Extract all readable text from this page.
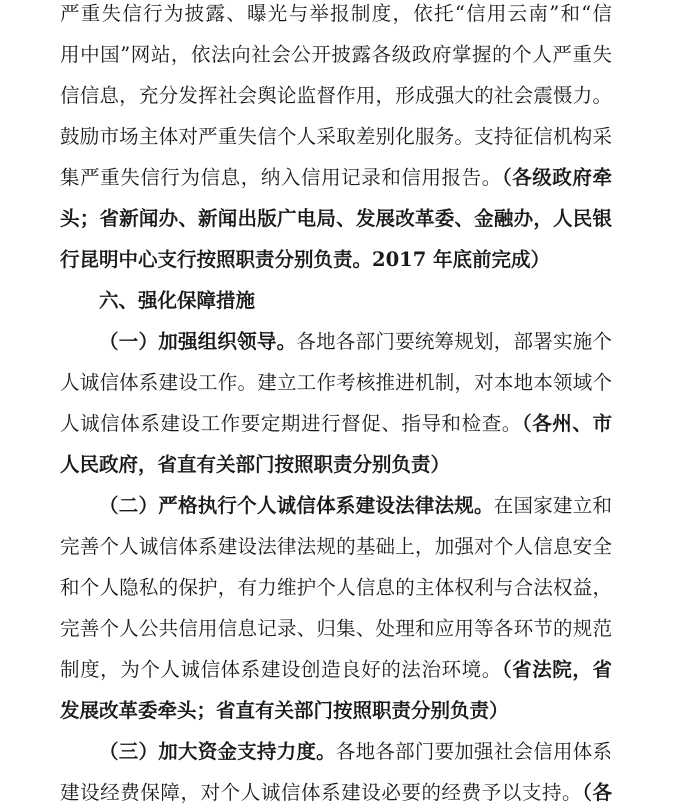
严重失信行为披露、曝光与举报制度，依托“信用云南”和“信
用中国”网站，依法向社会公开披露各级政府掌握的个人严重失
信信息，充分发挥社会舆论监督作用，形成强大的社会震慑力。
鼓励市场主体对严重失信个人采取差别化服务。支持征信机构采
集严重失信行为信息，纳入信用记录和信用报告。（各级政府牵
头；省新闻办、新闻出版广电局、发展改革委、金融办，人民银
行昆明中心支行按照职责分别负责。2017 年底前完成）
六、强化保障措施
（一）加强组织领导。各地各部门要统筹规划，部署实施个
人诚信体系建设工作。建立工作考核推进机制，对本地本领域个
人诚信体系建设工作要定期进行督促、指导和检查。（各州、市
人民政府，省直有关部门按照职责分别负责）
（二）严格执行个人诚信体系建设法律法规。在国家建立和
完善个人诚信体系建设法律法规的基础上，加强对个人信息安全
和个人隐私的保护，有力维护个人信息的主体权利与合法权益，
完善个人公共信用信息记录、归集、处理和应用等各环节的规范
制度，为个人诚信体系建设创造良好的法治环境。（省法院，省
发展改革委牵头；省直有关部门按照职责分别负责）
（三）加大资金支持力度。各地各部门要加强社会信用体系
建设经费保障，对个人诚信体系建设必要的经费予以支持。（各
